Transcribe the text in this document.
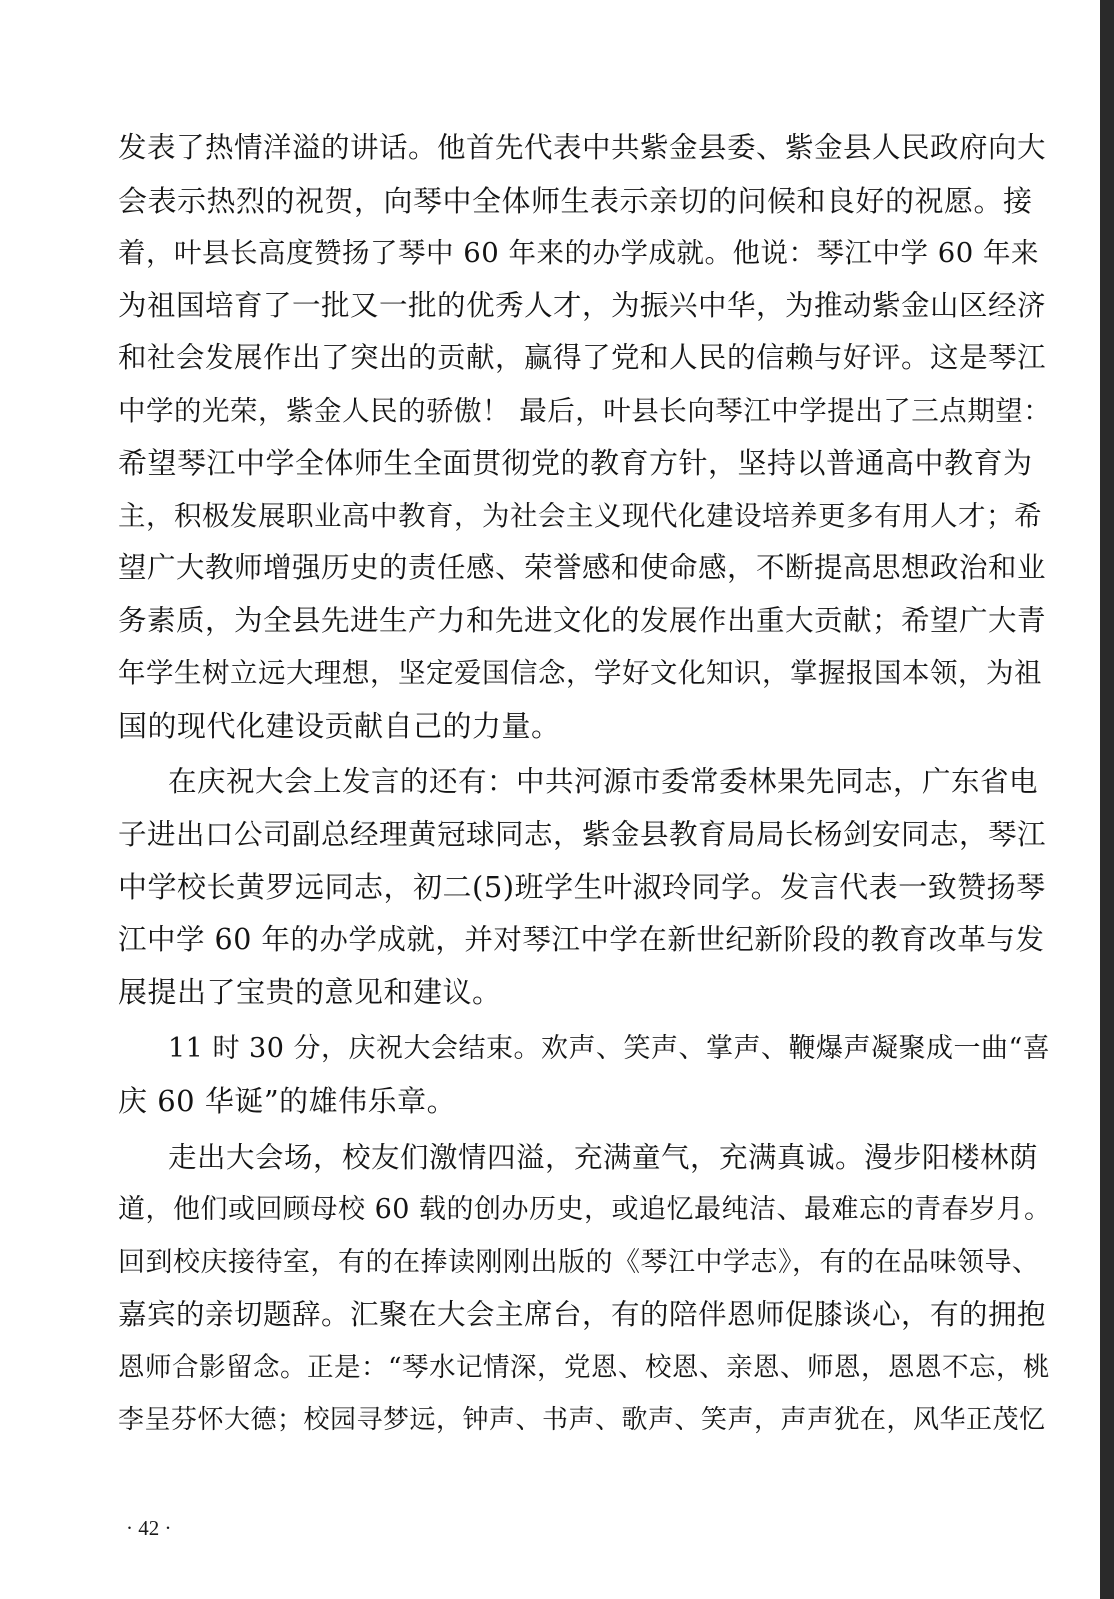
发表了热情洋溢的讲话。他首先代表中共紫金县委、紫金县人民政府向大
会表示热烈的祝贺，向琴中全体师生表示亲切的问候和良好的祝愿。接
着，叶县长高度赞扬了琴中 60 年来的办学成就。他说：琴江中学 60 年来
为祖国培育了一批又一批的优秀人才，为振兴中华，为推动紫金山区经济
和社会发展作出了突出的贡献，赢得了党和人民的信赖与好评。这是琴江
中学的光荣，紫金人民的骄傲！ 最后，叶县长向琴江中学提出了三点期望：
希望琴江中学全体师生全面贯彻党的教育方针，坚持以普通高中教育为
主，积极发展职业高中教育，为社会主义现代化建设培养更多有用人才；希
望广大教师增强历史的责任感、荣誉感和使命感，不断提高思想政治和业
务素质，为全县先进生产力和先进文化的发展作出重大贡献；希望广大青
年学生树立远大理想，坚定爱国信念，学好文化知识，掌握报国本领，为祖
国的现代化建设贡献自己的力量。
在庆祝大会上发言的还有：中共河源市委常委林果先同志，广东省电
子进出口公司副总经理黄冠球同志，紫金县教育局局长杨剑安同志，琴江
中学校长黄罗远同志，初二(5)班学生叶淑玲同学。发言代表一致赞扬琴
江中学 60 年的办学成就，并对琴江中学在新世纪新阶段的教育改革与发
展提出了宝贵的意见和建议。
11 时 30 分，庆祝大会结束。欢声、笑声、掌声、鞭爆声凝聚成一曲“喜
庆 60 华诞”的雄伟乐章。
走出大会场，校友们激情四溢，充满童气，充满真诚。漫步阳楼林荫
道，他们或回顾母校 60 载的创办历史，或追忆最纯洁、最难忘的青春岁月。
回到校庆接待室，有的在捧读刚刚出版的《琴江中学志》，有的在品味领导、
嘉宾的亲切题辞。汇聚在大会主席台，有的陪伴恩师促膝谈心，有的拥抱
恩师合影留念。正是：“琴水记情深，党恩、校恩、亲恩、师恩，恩恩不忘，桃
李呈芬怀大德；校园寻梦远，钟声、书声、歌声、笑声，声声犹在，风华正茂忆
· 42 ·
